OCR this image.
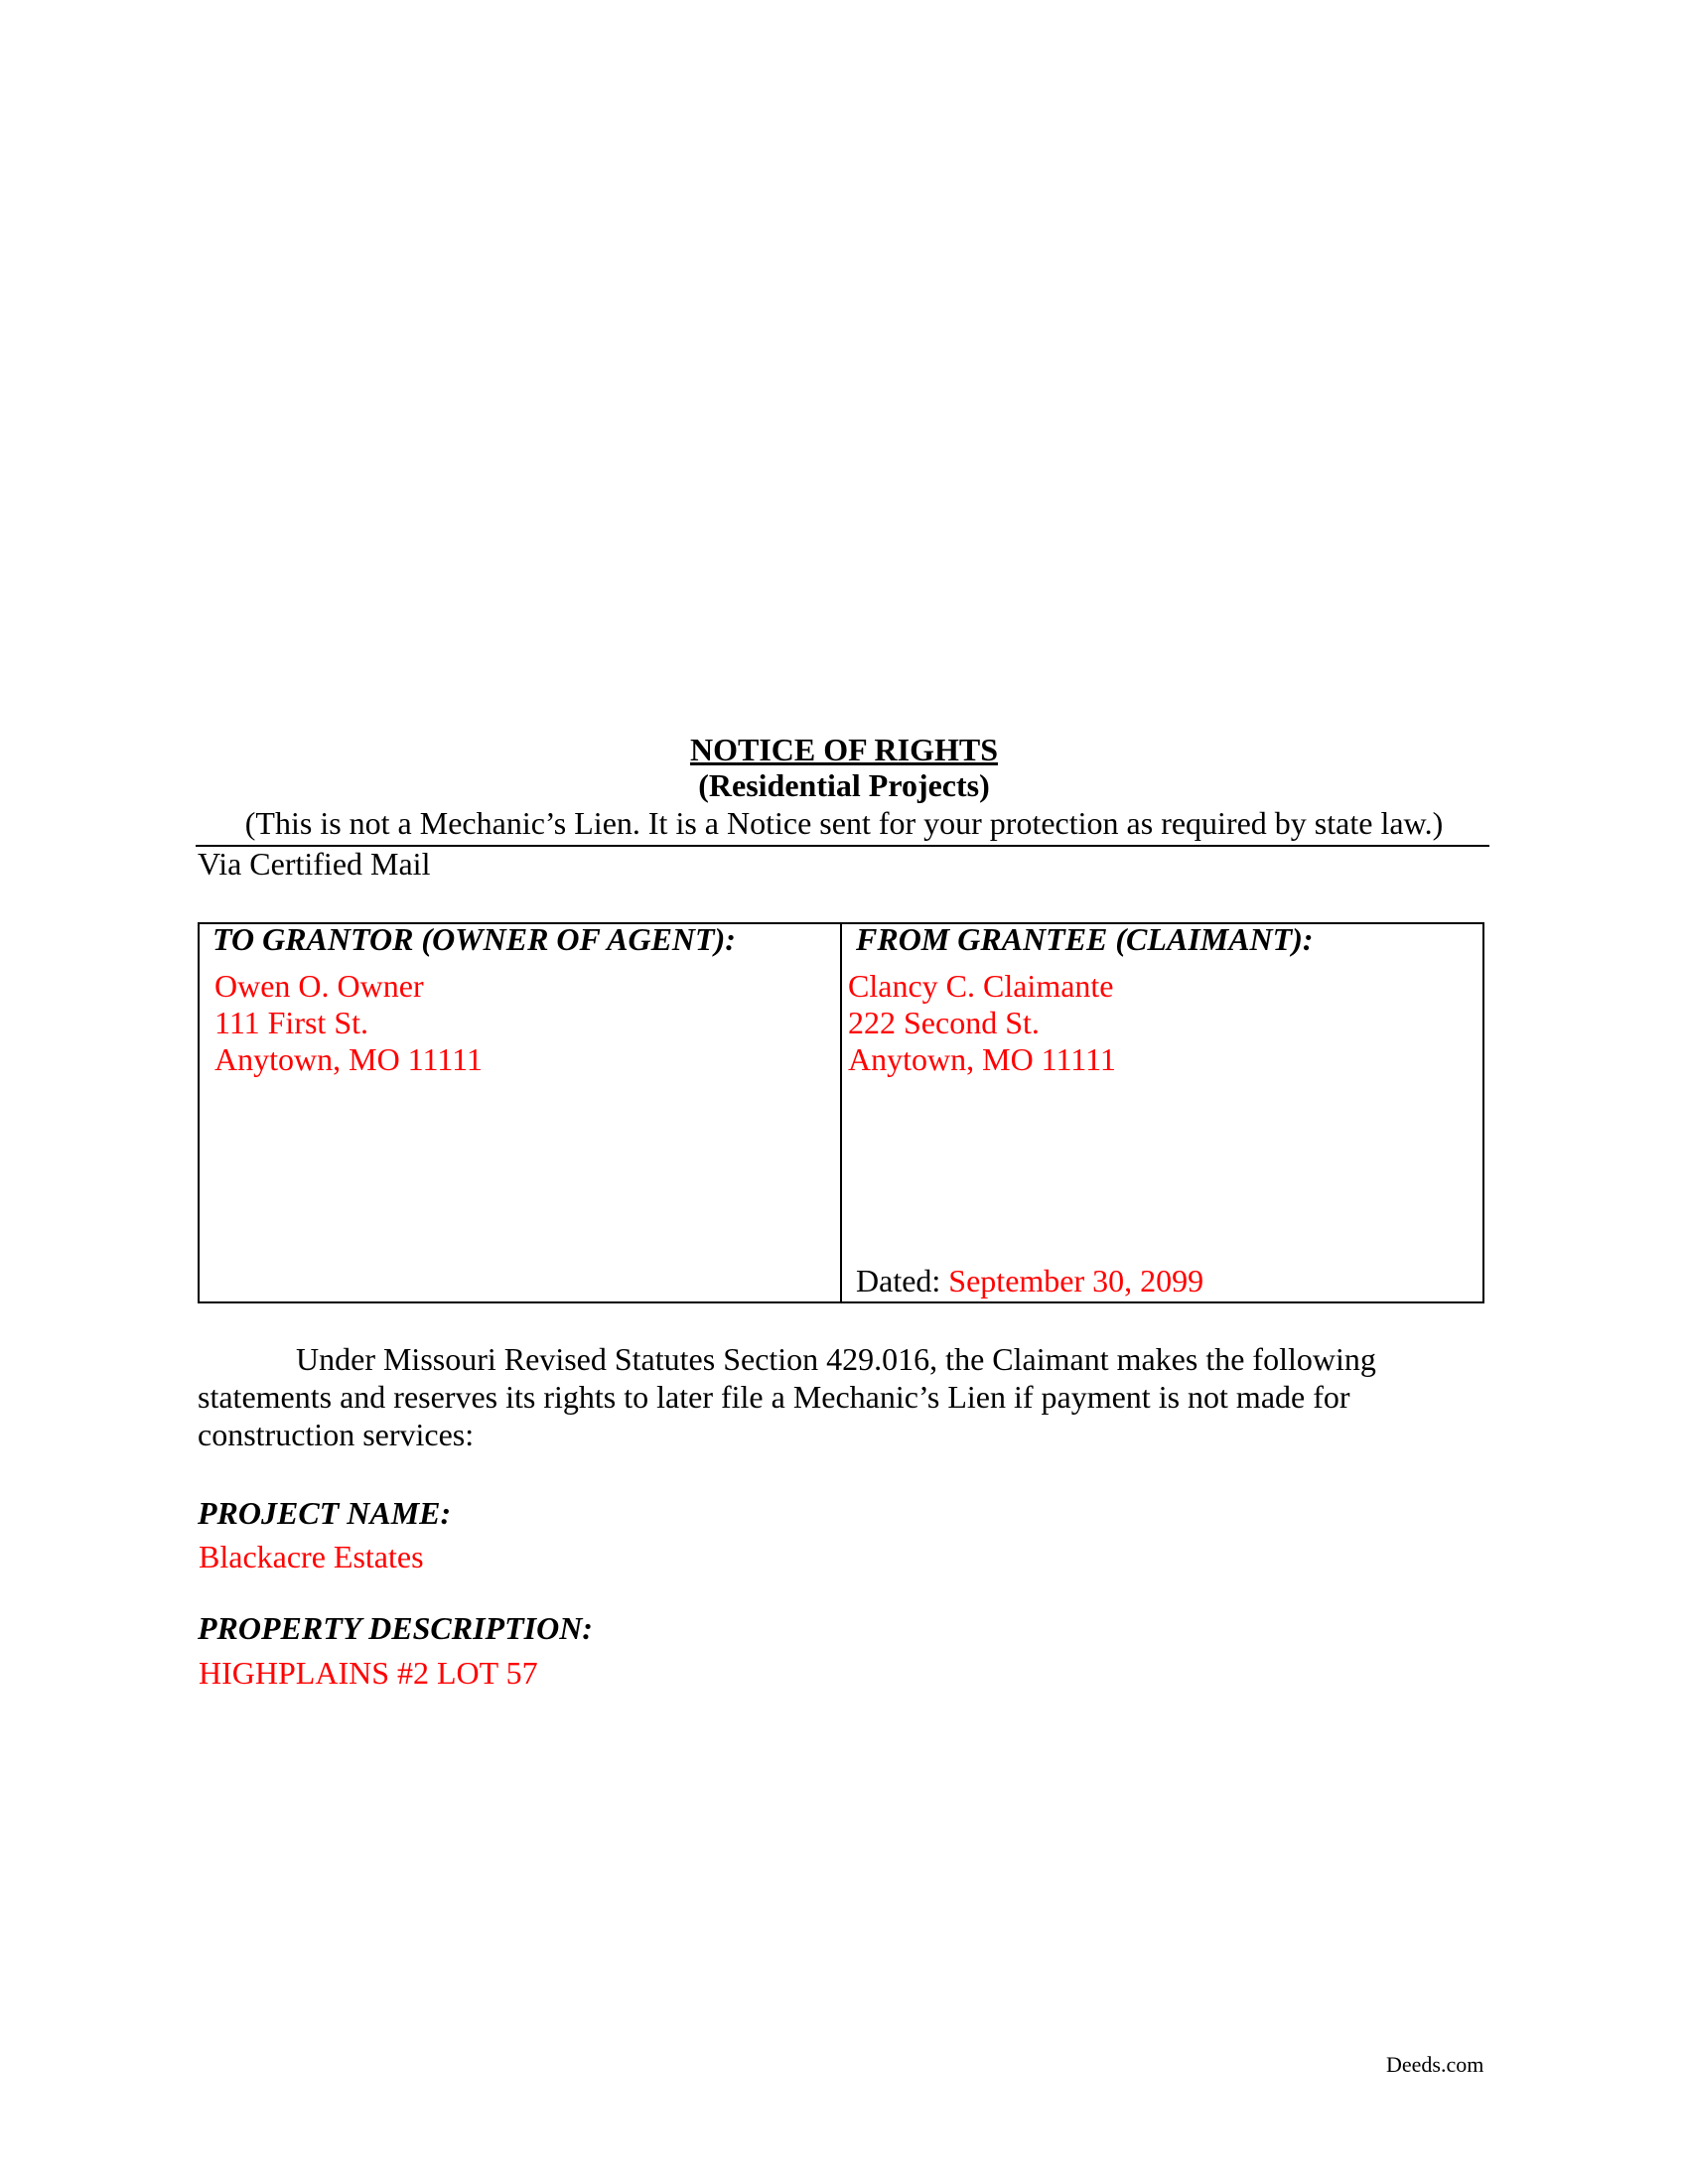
NOTICE OF RIGHTS
(Residential Projects)
(This is not a Mechanic’s Lien. It is a Notice sent for your protection as required by state law.)
Via Certified Mail
TO GRANTOR (OWNER OF AGENT):
Owen O. Owner
111 First St.
Anytown, MO 11111
FROM GRANTEE (CLAIMANT):
Clancy C. Claimante
222 Second St.
Anytown, MO 11111
Dated: September 30, 2099
Under Missouri Revised Statutes Section 429.016, the Claimant makes the following statements and reserves its rights to later file a Mechanic’s Lien if payment is not made for construction services:
PROJECT NAME:
Blackacre Estates
PROPERTY DESCRIPTION:
HIGHPLAINS #2 LOT 57
Deeds.com
